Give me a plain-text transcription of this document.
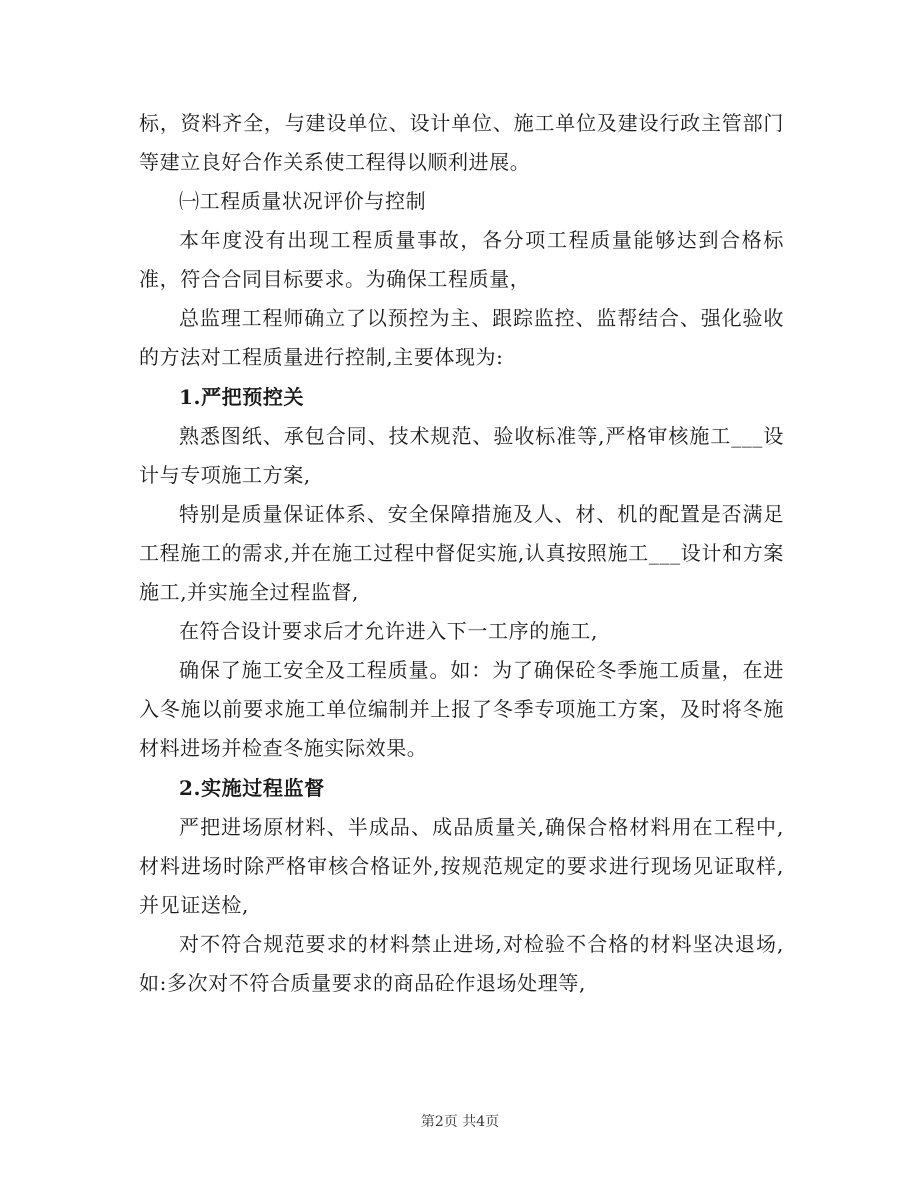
标，资料齐全，与建设单位、设计单位、施工单位及建设行政主管部门等建立良好合作关系使工程得以顺利进展。

㈠工程质量状况评价与控制

本年度没有出现工程质量事故，各分项工程质量能够达到合格标准，符合合同目标要求。为确保工程质量，

总监理工程师确立了以预控为主、跟踪监控、监帮结合、强化验收的方法对工程质量进行控制,主要体现为:

1.严把预控关

熟悉图纸、承包合同、技术规范、验收标准等,严格审核施工___设计与专项施工方案,

特别是质量保证体系、安全保障措施及人、材、机的配置是否满足工程施工的需求,并在施工过程中督促实施,认真按照施工___设计和方案施工,并实施全过程监督,

在符合设计要求后才允许进入下一工序的施工,

确保了施工安全及工程质量。如：为了确保砼冬季施工质量，在进入冬施以前要求施工单位编制并上报了冬季专项施工方案，及时将冬施材料进场并检查冬施实际效果。

2.实施过程监督

严把进场原材料、半成品、成品质量关,确保合格材料用在工程中,材料进场时除严格审核合格证外,按规范规定的要求进行现场见证取样,并见证送检,

对不符合规范要求的材料禁止进场,对检验不合格的材料坚决退场,如:多次对不符合质量要求的商品砼作退场处理等,

第2页 共4页
